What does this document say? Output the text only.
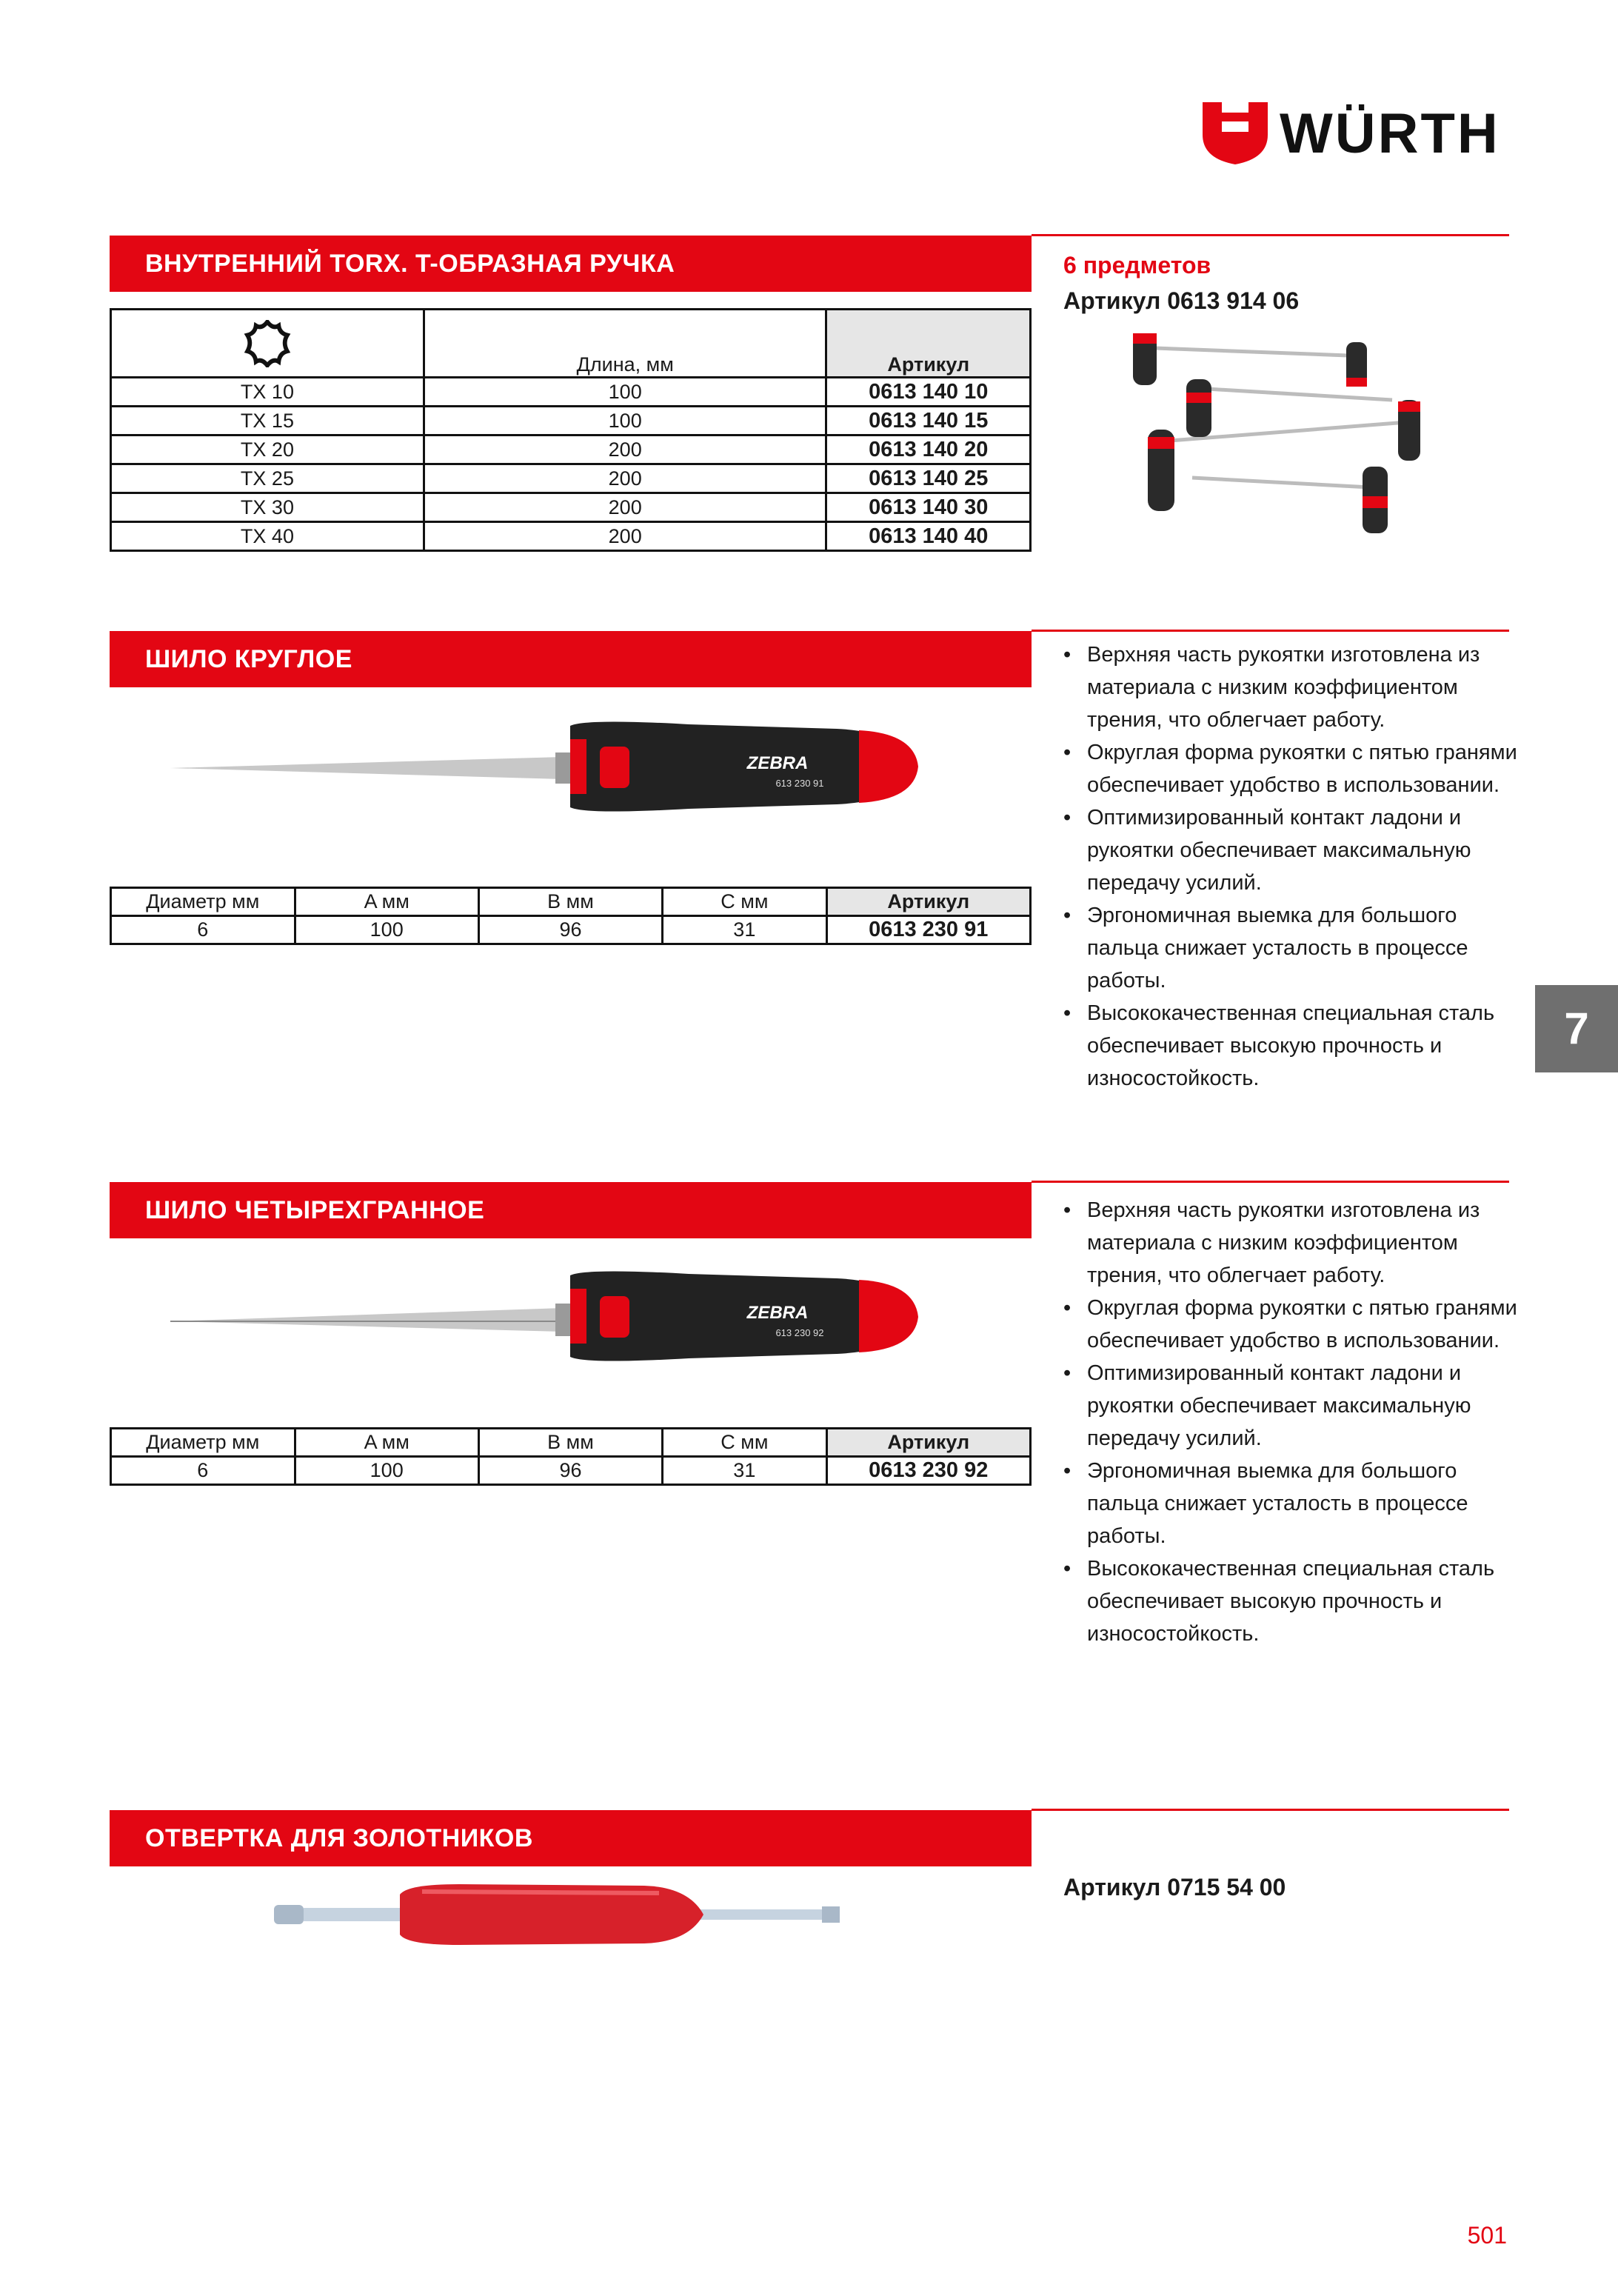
WÜRTH
ВНУТРЕННИЙ TORX. T-ОБРАЗНАЯ РУЧКА
	Длина, мм	Артикул
TX 10	100	0613 140 10
TX 15	100	0613 140 15
TX 20	200	0613 140 20
TX 25	200	0613 140 25
TX 30	200	0613 140 30
TX 40	200	0613 140 40
6 предметов
Артикул 0613 914 06
ШИЛО КРУГЛОЕ
ZEBRA
613 230 91
Диаметр мм	A мм	B мм	C мм	Артикул
6	100	96	31	0613 230 91
• Верхняя часть рукоятки изготовлена из материала с низким коэффициентом трения, что облегчает работу.
• Округлая форма рукоятки с пятью гранями обеспечивает удобство в использовании.
• Оптимизированный контакт ладони и рукоятки обеспечивает максимальную передачу усилий.
• Эргономичная выемка для большого пальца снижает усталость в процессе работы.
• Высококачественная специальная сталь обеспечивает высокую прочность и износостойкость.
7
ШИЛО ЧЕТЫРЕХГРАННОЕ
ZEBRA
613 230 92
Диаметр мм	A мм	B мм	C мм	Артикул
6	100	96	31	0613 230 92
• Верхняя часть рукоятки изготовлена из материала с низким коэффициентом трения, что облегчает работу.
• Округлая форма рукоятки с пятью гранями обеспечивает удобство в использовании.
• Оптимизированный контакт ладони и рукоятки обеспечивает максимальную передачу усилий.
• Эргономичная выемка для большого пальца снижает усталость в процессе работы.
• Высококачественная специальная сталь обеспечивает высокую прочность и износостойкость.
ОТВЕРТКА ДЛЯ ЗОЛОТНИКОВ
Артикул 0715 54 00
501
